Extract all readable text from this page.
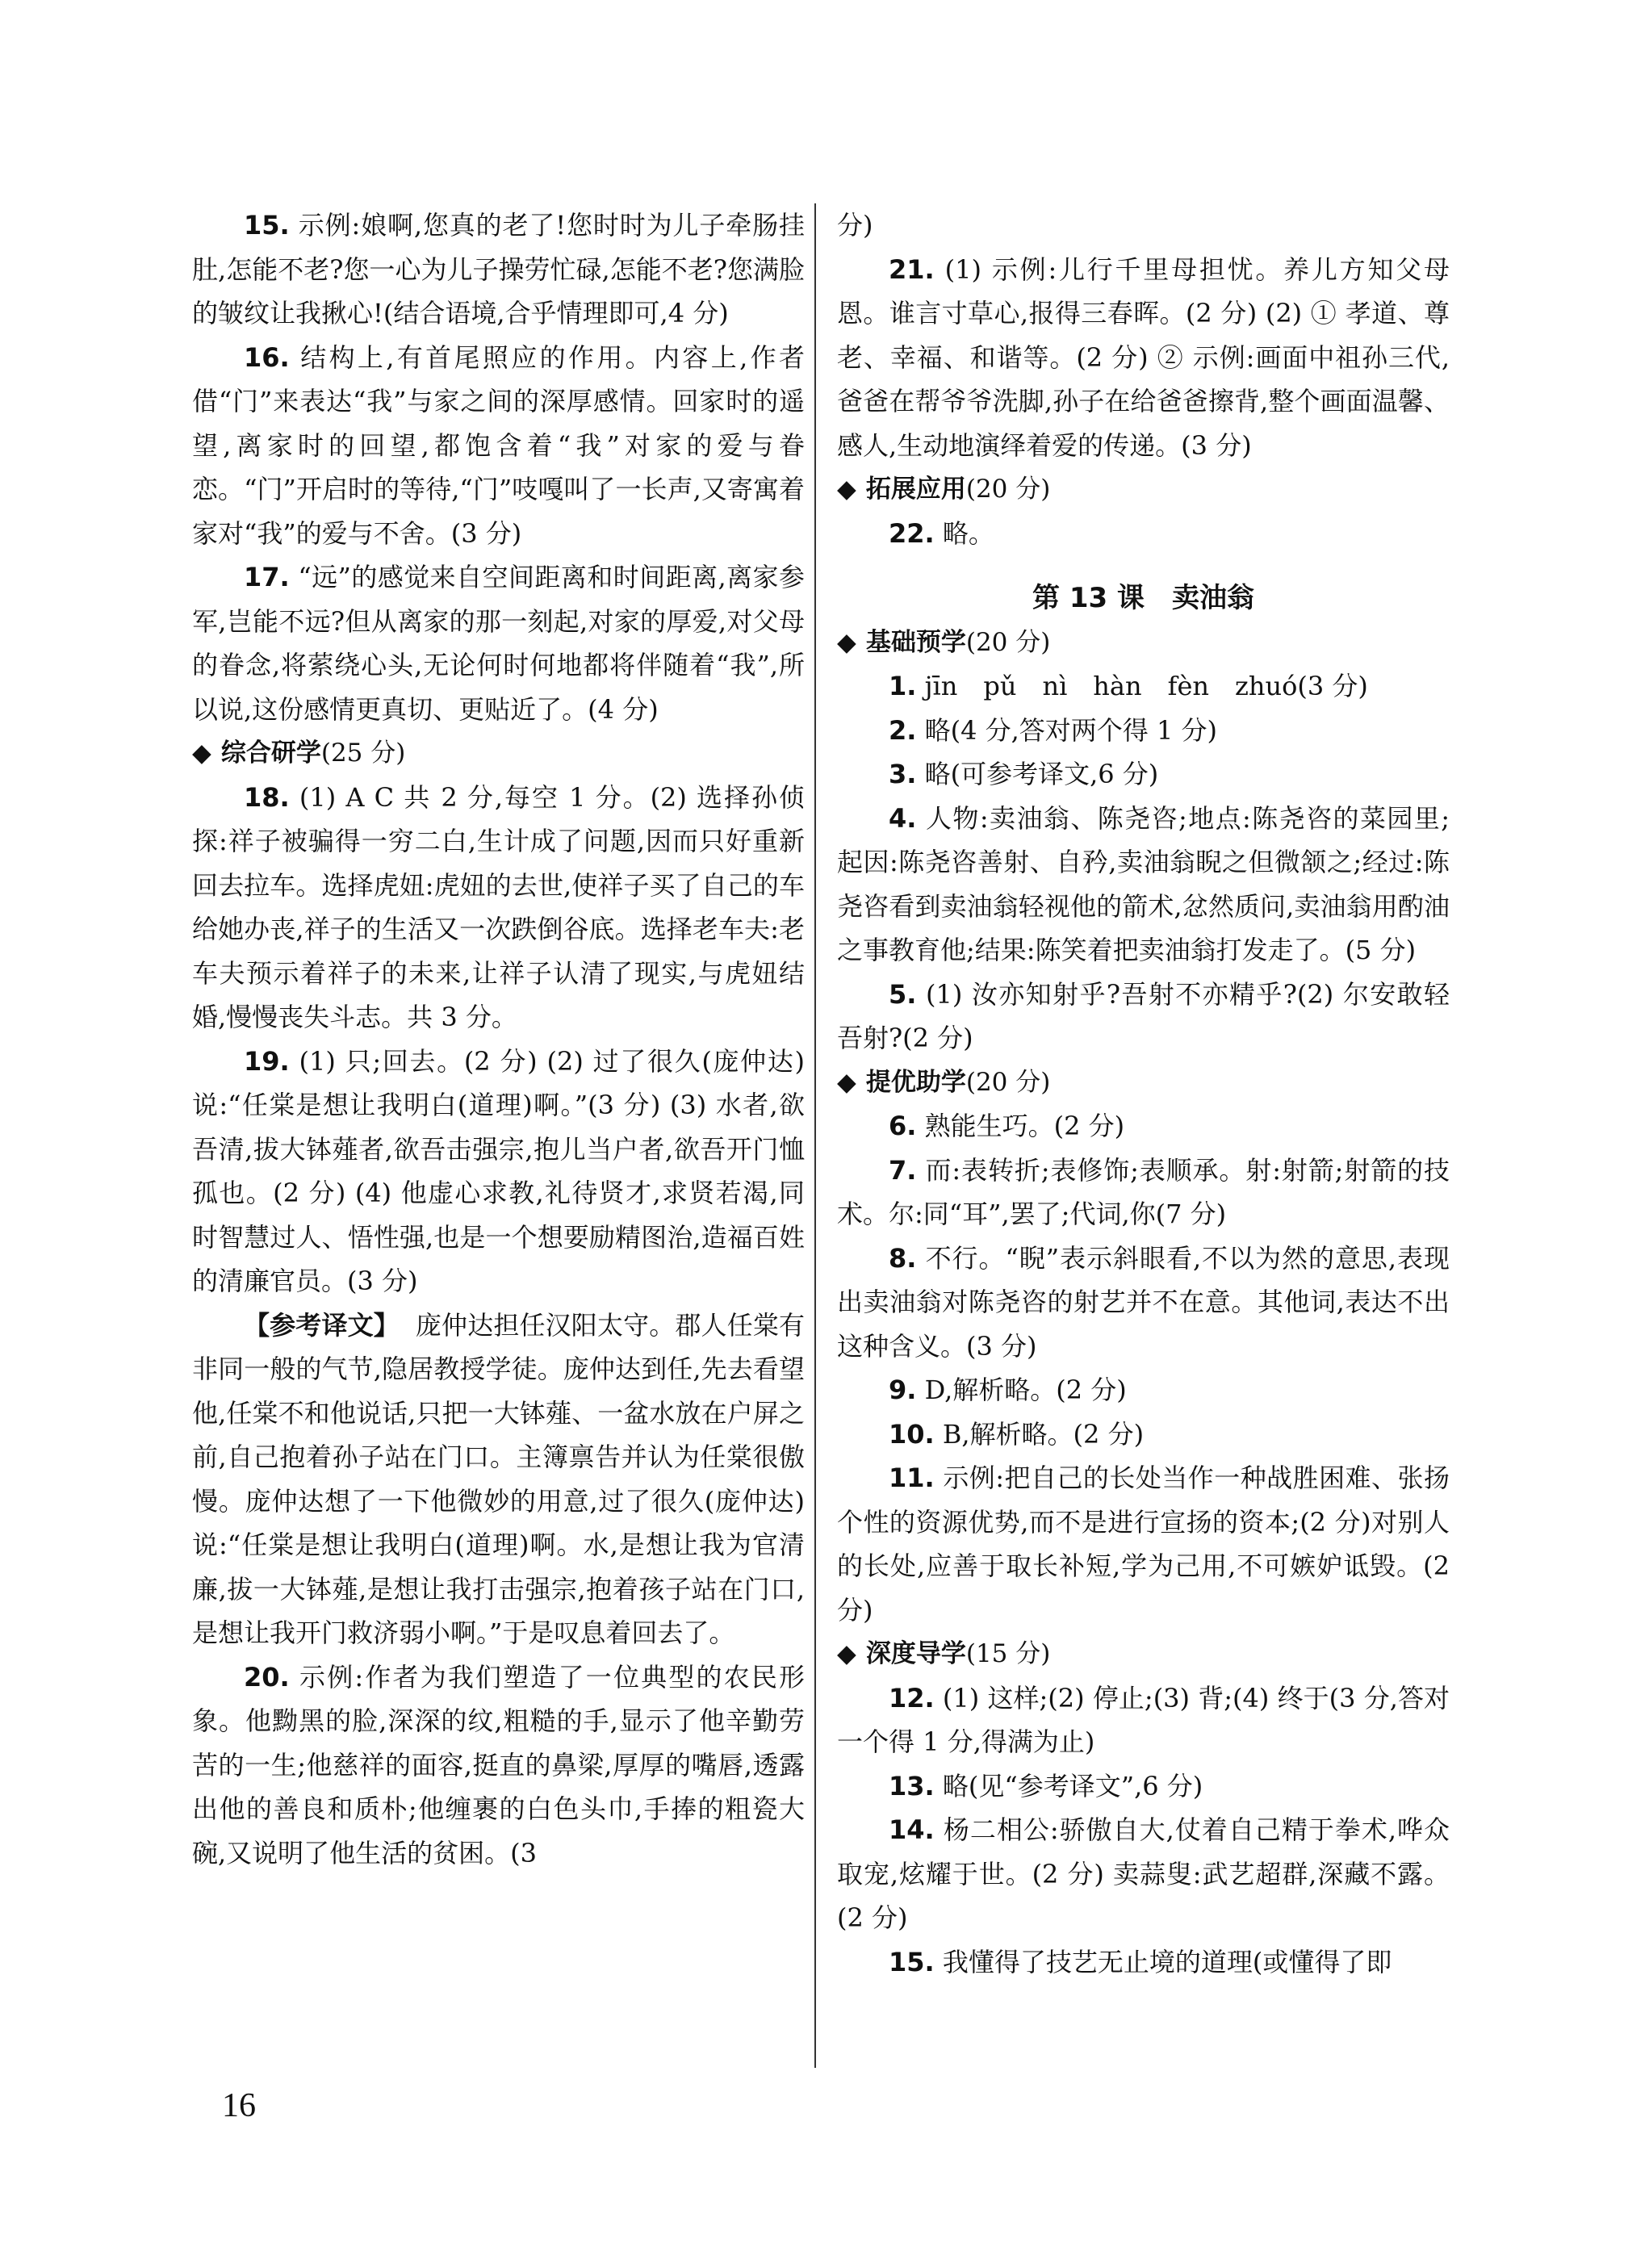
15. 示例:娘啊,您真的老了!您时时为儿子牵肠挂肚,怎能不老?您一心为儿子操劳忙碌,怎能不老?您满脸的皱纹让我揪心!(结合语境,合乎情理即可,4 分)

16. 结构上,有首尾照应的作用。内容上,作者借“门”来表达“我”与家之间的深厚感情。回家时的遥望,离家时的回望,都饱含着“我”对家的爱与眷恋。“门”开启时的等待,“门”吱嘎叫了一长声,又寄寓着家对“我”的爱与不舍。(3 分)

17. “远”的感觉来自空间距离和时间距离,离家参军,岂能不远?但从离家的那一刻起,对家的厚爱,对父母的眷念,将萦绕心头,无论何时何地都将伴随着“我”,所以说,这份感情更真切、更贴近了。(4 分)

◆ 综合研学(25 分)

18. (1) A C 共 2 分,每空 1 分。(2) 选择孙侦探:祥子被骗得一穷二白,生计成了问题,因而只好重新回去拉车。选择虎妞:虎妞的去世,使祥子买了自己的车给她办丧,祥子的生活又一次跌倒谷底。选择老车夫:老车夫预示着祥子的未来,让祥子认清了现实,与虎妞结婚,慢慢丧失斗志。共 3 分。

19. (1) 只;回去。(2 分) (2) 过了很久(庞仲达)说:“任棠是想让我明白(道理)啊。”(3 分) (3) 水者,欲吾清,拔大钵薤者,欲吾击强宗,抱儿当户者,欲吾开门恤孤也。(2 分) (4) 他虚心求教,礼待贤才,求贤若渴,同时智慧过人、悟性强,也是一个想要励精图治,造福百姓的清廉官员。(3 分)

【参考译文】 庞仲达担任汉阳太守。郡人任棠有非同一般的气节,隐居教授学徒。庞仲达到任,先去看望他,任棠不和他说话,只把一大钵薤、一盆水放在户屏之前,自己抱着孙子站在门口。主簿禀告并认为任棠很傲慢。庞仲达想了一下他微妙的用意,过了很久(庞仲达)说:“任棠是想让我明白(道理)啊。水,是想让我为官清廉,拔一大钵薤,是想让我打击强宗,抱着孩子站在门口,是想让我开门救济弱小啊。”于是叹息着回去了。

20. 示例:作者为我们塑造了一位典型的农民形象。他黝黑的脸,深深的纹,粗糙的手,显示了他辛勤劳苦的一生;他慈祥的面容,挺直的鼻梁,厚厚的嘴唇,透露出他的善良和质朴;他缠裹的白色头巾,手捧的粗瓷大碗,又说明了他生活的贫困。(3

分)

21. (1) 示例:儿行千里母担忧。养儿方知父母恩。谁言寸草心,报得三春晖。(2 分) (2) ① 孝道、尊老、幸福、和谐等。(2 分) ② 示例:画面中祖孙三代,爸爸在帮爷爷洗脚,孙子在给爸爸擦背,整个画面温馨、感人,生动地演绎着爱的传递。(3 分)

◆ 拓展应用(20 分)

22. 略。

第 13 课　卖油翁

◆ 基础预学(20 分)

1. jīn　pǔ　nì　hàn　fèn　zhuó(3 分)

2. 略(4 分,答对两个得 1 分)

3. 略(可参考译文,6 分)

4. 人物:卖油翁、陈尧咨;地点:陈尧咨的菜园里;起因:陈尧咨善射、自矜,卖油翁睨之但微颔之;经过:陈尧咨看到卖油翁轻视他的箭术,忿然质问,卖油翁用酌油之事教育他;结果:陈笑着把卖油翁打发走了。(5 分)

5. (1) 汝亦知射乎?吾射不亦精乎?(2) 尔安敢轻吾射?(2 分)

◆ 提优助学(20 分)

6. 熟能生巧。(2 分)

7. 而:表转折;表修饰;表顺承。射:射箭;射箭的技术。尔:同“耳”,罢了;代词,你(7 分)

8. 不行。“睨”表示斜眼看,不以为然的意思,表现出卖油翁对陈尧咨的射艺并不在意。其他词,表达不出这种含义。(3 分)

9. D,解析略。(2 分)

10. B,解析略。(2 分)

11. 示例:把自己的长处当作一种战胜困难、张扬个性的资源优势,而不是进行宣扬的资本;(2 分)对别人的长处,应善于取长补短,学为己用,不可嫉妒诋毁。(2 分)

◆ 深度导学(15 分)

12. (1) 这样;(2) 停止;(3) 背;(4) 终于(3 分,答对一个得 1 分,得满为止)

13. 略(见“参考译文”,6 分)

14. 杨二相公:骄傲自大,仗着自己精于拳术,哗众取宠,炫耀于世。(2 分) 卖蒜叟:武艺超群,深藏不露。(2 分)

15. 我懂得了技艺无止境的道理(或懂得了即

16
